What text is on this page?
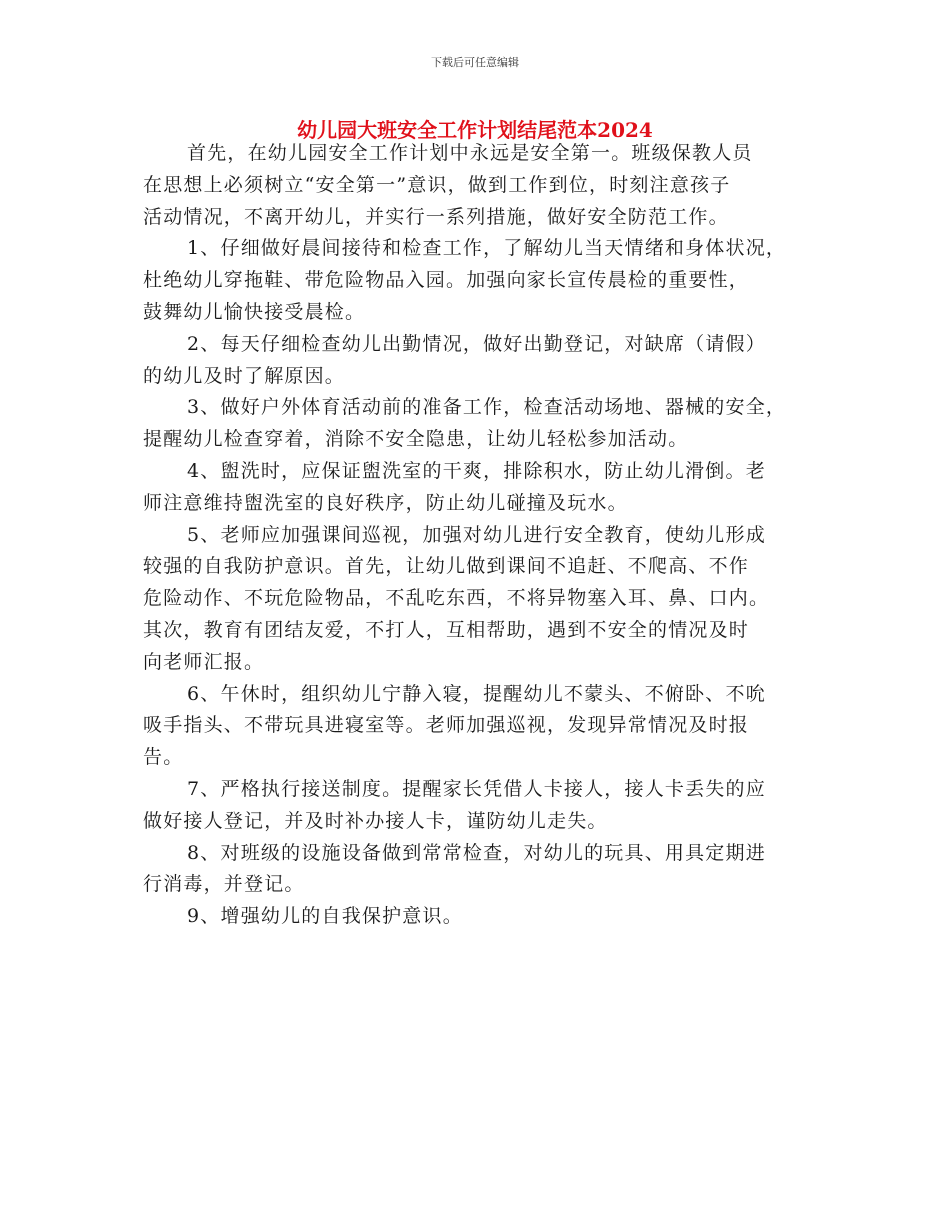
下载后可任意编辑
幼儿园大班安全工作计划结尾范本2024
首先，在幼儿园安全工作计划中永远是安全第一。班级保教人员
在思想上必须树立“安全第一”意识，做到工作到位，时刻注意孩子
活动情况，不离开幼儿，并实行一系列措施，做好安全防范工作。
1、仔细做好晨间接待和检查工作，了解幼儿当天情绪和身体状况，
杜绝幼儿穿拖鞋、带危险物品入园。加强向家长宣传晨检的重要性，
鼓舞幼儿愉快接受晨检。
2、每天仔细检查幼儿出勤情况，做好出勤登记，对缺席（请假）
的幼儿及时了解原因。
3、做好户外体育活动前的准备工作，检查活动场地、器械的安全，
提醒幼儿检查穿着，消除不安全隐患，让幼儿轻松参加活动。
4、盥洗时，应保证盥洗室的干爽，排除积水，防止幼儿滑倒。老
师注意维持盥洗室的良好秩序，防止幼儿碰撞及玩水。
5、老师应加强课间巡视，加强对幼儿进行安全教育，使幼儿形成
较强的自我防护意识。首先，让幼儿做到课间不追赶、不爬高、不作
危险动作、不玩危险物品，不乱吃东西，不将异物塞入耳、鼻、口内。
其次，教育有团结友爱，不打人，互相帮助，遇到不安全的情况及时
向老师汇报。
6、午休时，组织幼儿宁静入寝，提醒幼儿不蒙头、不俯卧、不吮
吸手指头、不带玩具进寝室等。老师加强巡视，发现异常情况及时报
告。
7、严格执行接送制度。提醒家长凭借人卡接人，接人卡丢失的应
做好接人登记，并及时补办接人卡，谨防幼儿走失。
8、对班级的设施设备做到常常检查，对幼儿的玩具、用具定期进
行消毒，并登记。
9、增强幼儿的自我保护意识。
